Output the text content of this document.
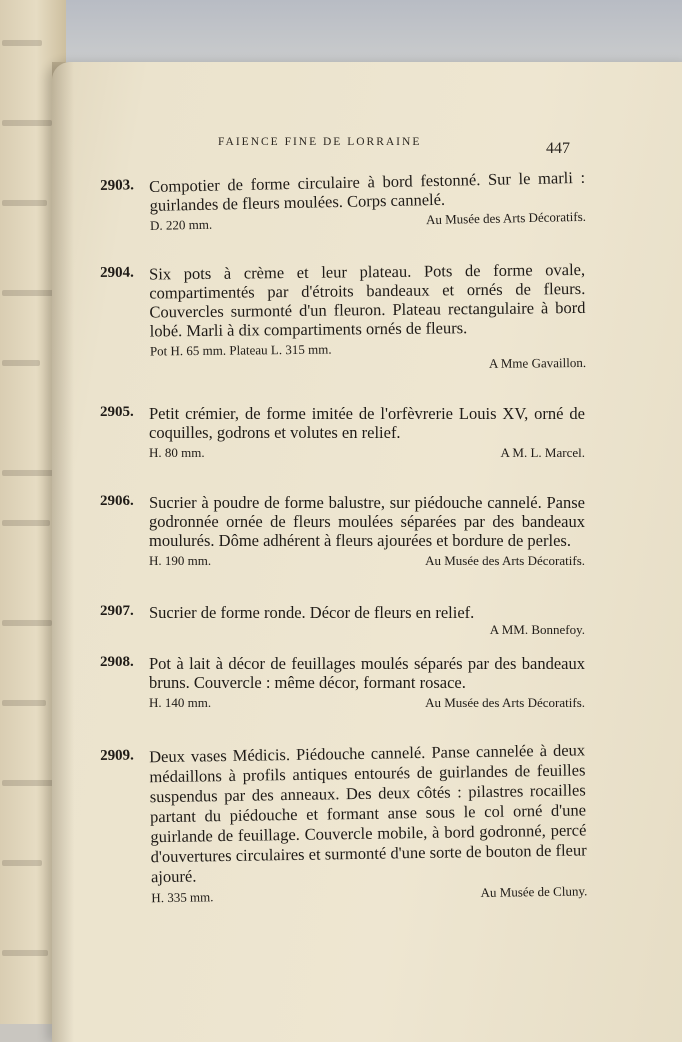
FAIENCE FINE DE LORRAINE	447
2903. Compotier de forme circulaire à bord festonné. Sur le marli : guirlandes de fleurs moulées. Corps cannelé.
D. 220 mm.	Au Musée des Arts Décoratifs.
2904. Six pots à crème et leur plateau. Pots de forme ovale, compartimentés par d'étroits bandeaux et ornés de fleurs. Couvercles surmonté d'un fleuron. Plateau rectangulaire à bord lobé. Marli à dix compartiments ornés de fleurs.
Pot H. 65 mm. Plateau L. 315 mm.
A Mme Gavaillon.
2905. Petit crémier, de forme imitée de l'orfèvrerie Louis XV, orné de coquilles, godrons et volutes en relief.
H. 80 mm.	A M. L. Marcel.
2906. Sucrier à poudre de forme balustre, sur piédouche cannelé. Panse godronnée ornée de fleurs moulées séparées par des bandeaux moulurés. Dôme adhérent à fleurs ajourées et bordure de perles.
H. 190 mm.	Au Musée des Arts Décoratifs.
2907. Sucrier de forme ronde. Décor de fleurs en relief.
A MM. Bonnefoy.
2908. Pot à lait à décor de feuillages moulés séparés par des bandeaux bruns. Couvercle : même décor, formant rosace.
H. 140 mm.	Au Musée des Arts Décoratifs.
2909. Deux vases Médicis. Piédouche cannelé. Panse cannelée à deux médaillons à profils antiques entourés de guirlandes de feuilles suspendus par des anneaux. Des deux côtés : pilastres rocailles partant du piédouche et formant anse sous le col orné d'une guirlande de feuillage. Couvercle mobile, à bord godronné, percé d'ouvertures circulaires et surmonté d'une sorte de bouton de fleur ajouré.
H. 335 mm.	Au Musée de Cluny.
